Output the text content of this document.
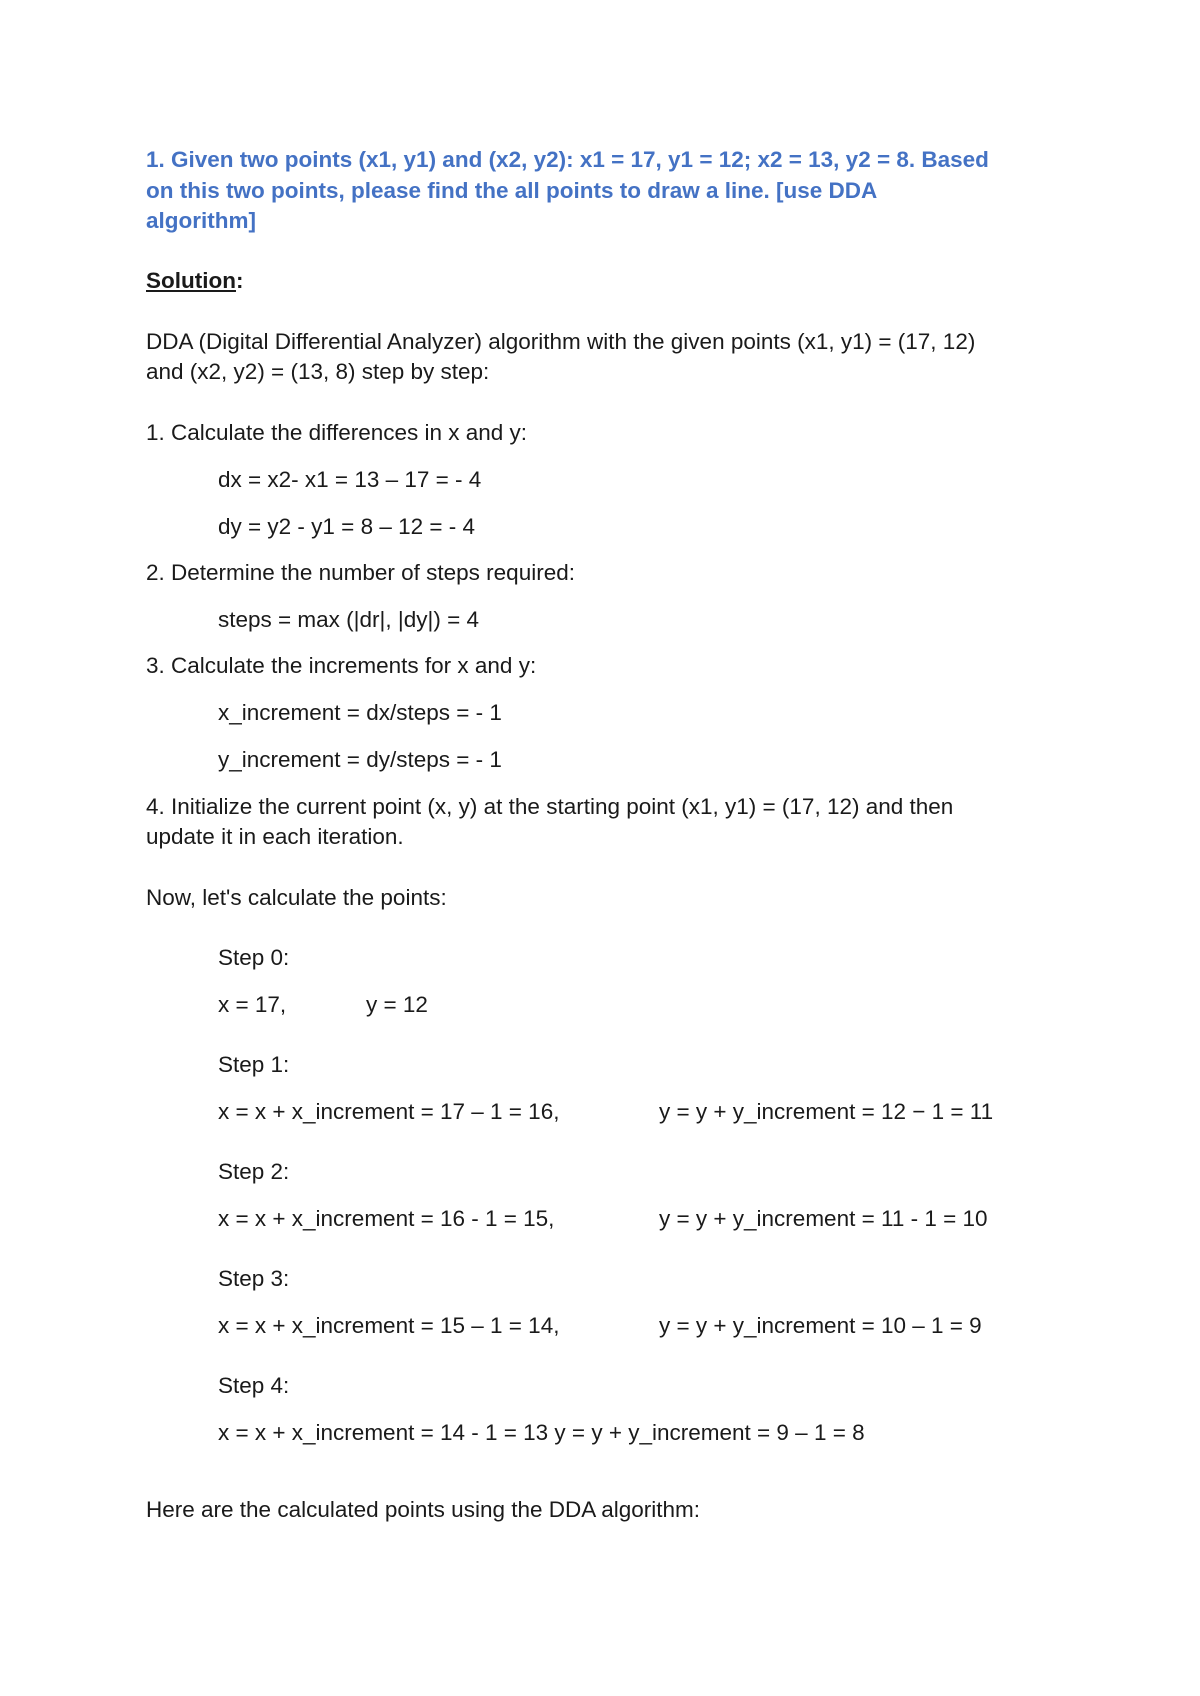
1. Given two points (x1, y1) and (x2, y2): x1 = 17, y1 = 12; x2 = 13, y2 = 8. Based
on this two points, please find the all points to draw a line. [use DDA
algorithm]
Solution:
DDA (Digital Differential Analyzer) algorithm with the given points (x1, y1) = (17, 12)
and (x2, y2) = (13, 8) step by step:
1. Calculate the differences in x and y:
dx = x2- x1 = 13 – 17 = - 4
dy = y2 - y1 = 8 – 12 = - 4
2. Determine the number of steps required:
steps = max (|dr|, |dy|) = 4
3. Calculate the increments for x and y:
x_increment = dx/steps = - 1
y_increment = dy/steps = - 1
4. Initialize the current point (x, y) at the starting point (x1, y1) = (17, 12) and then
update it in each iteration.
Now, let's calculate the points:
Step 0:
x = 17,	y = 12
Step 1:
x = x + x_increment = 17 – 1 = 16,	y = y + y_increment = 12 − 1 = 11
Step 2:
x = x + x_increment = 16 - 1 = 15,	y = y + y_increment = 11 - 1 = 10
Step 3:
x = x + x_increment = 15 – 1 = 14,	y = y + y_increment = 10 – 1 = 9
Step 4:
x = x + x_increment = 14 - 1 = 13 y = y + y_increment = 9 – 1 = 8
Here are the calculated points using the DDA algorithm:
